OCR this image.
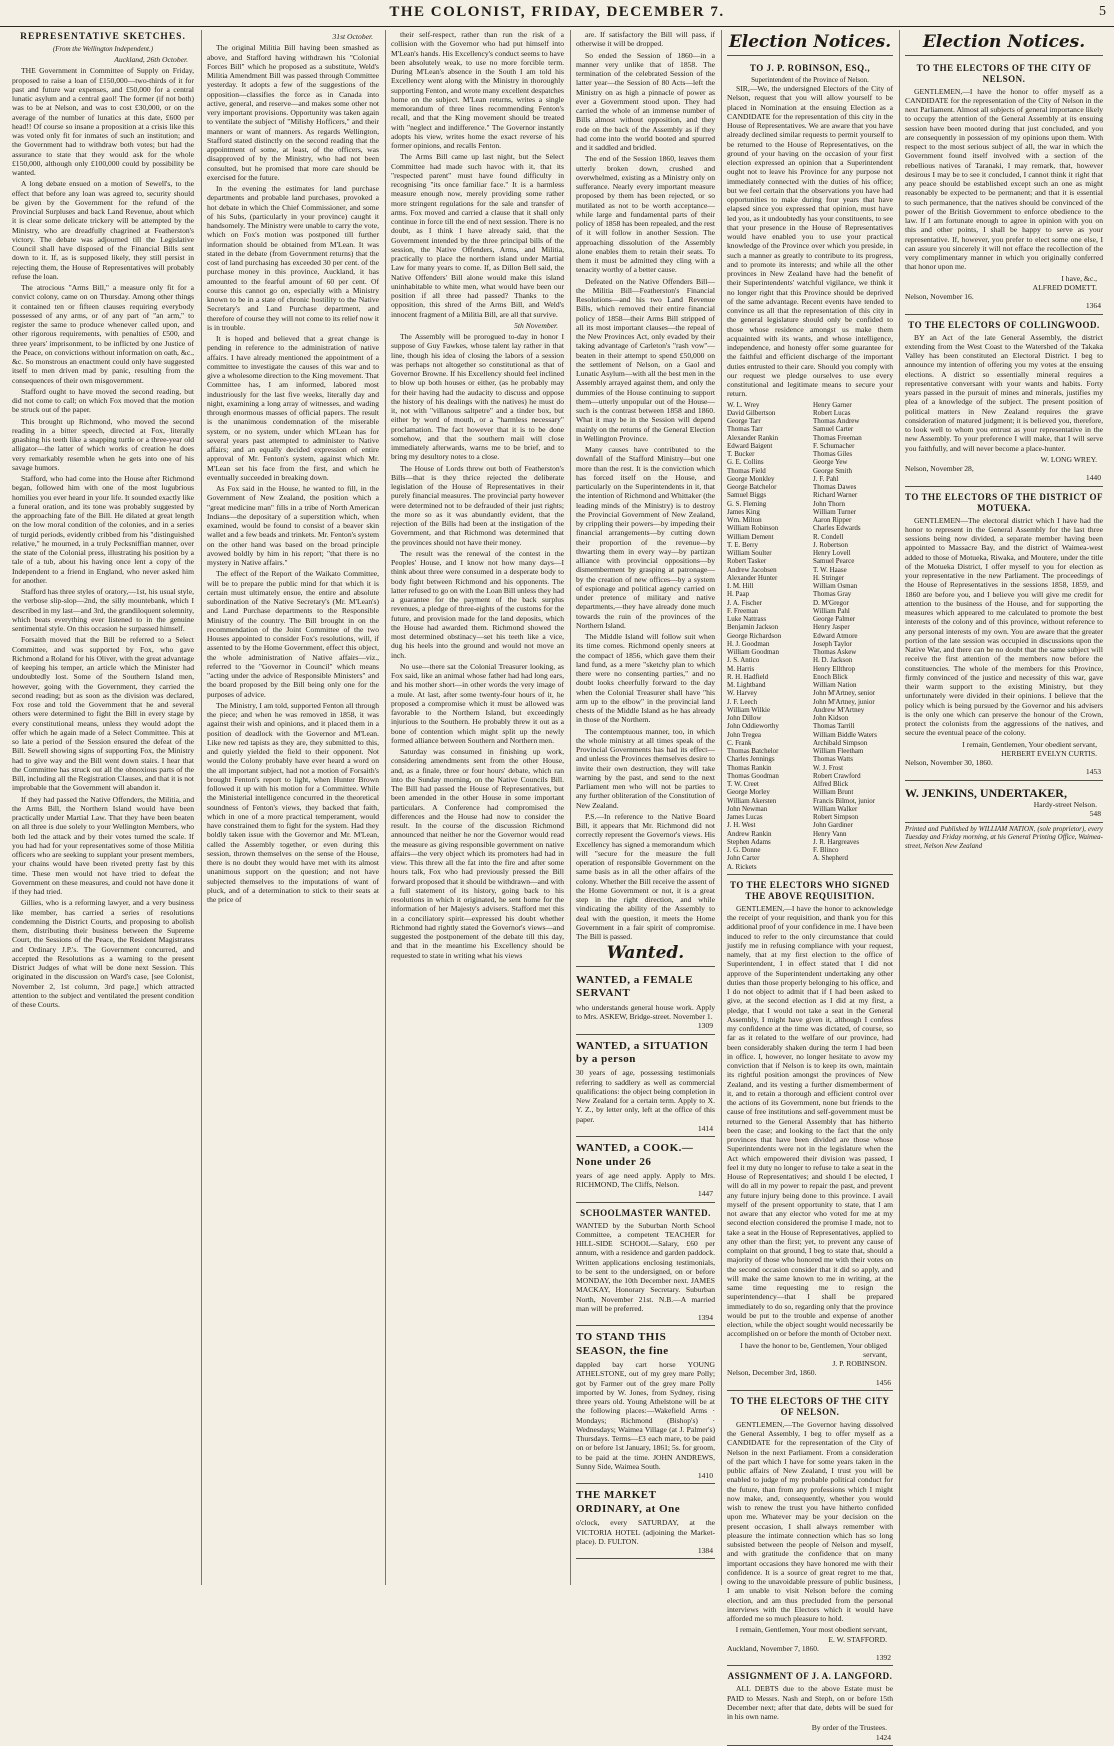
THE COLONIST, FRIDAY, DECEMBER 7.	5
REPRESENTATIVE SKETCHES.
(From the Wellington Independent.)
Auckland, 26th October.

THE Government in Committee of Supply on Friday, proposed to raise a loan of £150,000—two-thirds of it for past and future war expenses, and £50,000 for a central lunatic asylum and a central gaol! The former (if not both) was to be at Nelson, and was to cost £30,000, or on the average of the number of lunatics at this date, £600 per head!! Of course so insane a proposition at a crisis like this was voted only fit for inmates of such an institution; and the Government had to withdraw both votes; but had the assurance to state that they would ask for the whole £150,000, although only £100,000 could by possibility be wanted.

A long debate ensued on a motion of Sewell's, to the effect that before any loan was agreed to, security should be given by the Government for the refund of the Provincial Surpluses and back Land Revenue, about which it is clear some delicate trickery will be attempted by the Ministry, who are dreadfully chagrined at Featherston's victory. The debate was adjourned till the Legislative Council shall have disposed of the Financial Bills sent down to it. If, as is supposed likely, they still persist in rejecting them, the House of Representatives will probably refuse the loan.

The atrocious "Arms Bill," a measure only fit for a convict colony, came on on Thursday. Among other things it contained ten or fifteen clauses requiring everybody possessed of any arms, or of any part of "an arm," to register the same to produce whenever called upon, and other rigorous requirements, with penalties of £500, and three years' imprisonment, to be inflicted by one Justice of the Peace, on convictions without information on oath, &c., &c. So monstrous an enactment could only have suggested itself to men driven mad by panic, resulting from the consequences of their own misgovernment.

Stafford ought to have moved the second reading, but did not come to call; on which Fox moved that the motion be struck out of the paper.

This brought up Richmond, who moved the second reading in a bitter speech, directed at Fox, literally gnashing his teeth like a snapping turtle or a three-year old alligator—the latter of which works of creation he does very remarkably resemble when he gets into one of his savage humors.

Stafford, who had come into the House after Richmond began, followed him with one of the most lugubrious homilies you ever heard in your life. It sounded exactly like a funeral oration, and its tone was probably suggested by the approaching fate of the Bill. He dilated at great length on the low moral condition of the colonies, and in a series of turgid periods, evidently cribbed from his "distinguished relative," he mourned, in a truly Pecksniffian manner, over the state of the Colonial press, illustrating his position by a tale of a tub, about his having once lent a copy of the Independent to a friend in England, who never asked him for another.

Stafford has three styles of oratory,—1st, his usual style, the verbose slip-slop—2nd, the silly mountebank, which I described in my last—and 3rd, the grandiloquent solemnity, which beats everything ever listened to in the genuine sentimental style. On this occasion he surpassed himself.

Forsaith moved that the Bill be referred to a Select Committee, and was supported by Fox, who gave Richmond a Roland for his Oliver, with the great advantage of keeping his temper, an article which the Minister had undoubtedly lost. Some of the Southern Island men, however, going with the Government, they carried the second reading; but as soon as the division was declared, Fox rose and told the Government that he and several others were determined to fight the Bill in every stage by every constitutional means, unless they would adopt the offer which he again made of a Select Committee. This at so late a period of the Session ensured the defeat of the Bill. Sewell showing signs of supporting Fox, the Ministry had to give way and the Bill went down stairs. I hear that the Committee has struck out all the obnoxious parts of the Bill, including all the Registration Clauses, and that it is not improbable that the Government will abandon it.

If they had passed the Native Offenders, the Militia, and the Arms Bill, the Northern Island would have been practically under Martial Law. That they have been beaten on all three is due solely to your Wellington Members, who both led the attack and by their votes turned the scale. If you had had for your representatives some of those Militia officers who are seeking to supplant your present members, your chains would have been riveted pretty fast by this time. These men would not have tried to defeat the Government on these measures, and could not have done it if they had tried.

Gillies, who is a reforming lawyer, and a very business like member, has carried a series of resolutions condemning the District Courts, and proposing to abolish them, distributing their business between the Supreme Court, the Sessions of the Peace, the Resident Magistrates and Ordinary J.P.'s. The Government concurred, and accepted the Resolutions as a warning to the present District Judges of what will be done next Session. This originated in the discussion on Ward's case, [see Colonist, November 2, 1st column, 3rd page,] which attracted attention to the subject and ventilated the present condition of these Courts.

31st October.

The original Militia Bill having been smashed as above, and Stafford having withdrawn his "Colonial Forces Bill" which he proposed as a substitute, Weld's Militia Amendment Bill was passed through Committee yesterday. It adopts a few of the suggestions of the opposition—classifies the force as in Canada into active, general, and reserve—and makes some other not very important provisions. Opportunity was taken again to ventilate the subject of "Milishy Hofficers," and their manners or want of manners. As regards Wellington, Stafford stated distinctly on the second reading that the appointment of some, at least, of the officers, was disapproved of by the Ministry, who had not been consulted, but he promised that more care should be exercised for the future.

In the evening the estimates for land purchase departments and probable land purchases, provoked a hot debate in which the Chief Commissioner, and some of his Subs, (particularly in your province) caught it handsomely. The Ministry were unable to carry the vote, which on Fox's motion was postponed till further information should be obtained from M'Lean. It was stated in the debate (from Government returns) that the cost of land purchasing has exceeded 30 per cent. of the purchase money in this province, Auckland, it has amounted to the fearful amount of 60 per cent. Of course this cannot go on, especially with a Ministry known to be in a state of chronic hostility to the Native Secretary's and Land Purchase department, and therefore of course they will not come to its relief now it is in trouble.

It is hoped and believed that a great change is pending in reference to the administration of native affairs. I have already mentioned the appointment of a committee to investigate the causes of this war and to give a wholesome direction to the King movement. That Committee has, I am informed, labored most industriously for the last five weeks, literally day and night, examining a long array of witnesses, and wading through enormous masses of official papers. The result is the unanimous condemnation of the miserable system, or no system, under which M'Lean has for several years past attempted to administer to Native affairs; and an equally decided expression of entire approval of Mr. Fenton's system, against which Mr. M'Lean set his face from the first, and which he eventually succeeded in breaking down.

As Fox said in the House, he wanted to fill, in the Government of New Zealand, the position which a "great medicine man" fills in a tribe of North American Indians—the depositary of a superstition which, when examined, would be found to consist of a beaver skin wallet and a few beads and trinkets. Mr. Fenton's system on the other hand was based on the broad principle avowed boldly by him in his report; "that there is no mystery in Native affairs."

The effect of the Report of the Waikato Committee, will be to prepare the public mind for that which it is certain must ultimately ensue, the entire and absolute subordination of the Native Secretary's (Mr. M'Lean's) and Land Purchase departments to the Responsible Ministry of the country. The Bill brought in on the recommendation of the Joint Committee of the two Houses appointed to consider Fox's resolutions, will, if assented to by the Home Government, effect this object, the whole administration of Native affairs—viz., referred to the "Governor in Council" which means "acting under the advice of Responsible Ministers" and the board proposed by the Bill being only one for the purposes of advice.

The Ministry, I am told, supported Fenton all through the piece; and when he was removed in 1858, it was against their wish and opinions, and it placed them in a position of deadlock with the Governor and M'Lean. Like new red tapists as they are, they submitted to this, and quietly yielded the field to their opponent. Not would the Colony probably have ever heard a word on the all important subject, had not a motion of Forsaith's brought Fenton's report to light, when Hunter Brown followed it up with his motion for a Committee. While the Ministerial intelligence concurred in the theoretical soundness of Fenton's views, they backed that faith, which in one of a more practical temperament, would have constrained them to fight for the system. Had they boldly taken issue with the Governor and Mr. M'Lean, called the Assembly together, or even during this session, thrown themselves on the sense of the House, there is no doubt they would have met with its almost unanimous support on the question; and not have subjected themselves to the imputations of want of pluck, and of a determination to stick to their seats at the price of

their self-respect, rather than run the risk of a collision with the Governor who had put himself into M'Lean's hands. His Excellency's conduct seems to have been absolutely weak, to use no more forcible term. During M'Lean's absence in the South I am told his Excellency went along with the Ministry in thoroughly supporting Fenton, and wrote many excellent despatches home on the subject. M'Lean returns, writes a single memorandum of three lines recommending Fenton's recall, and that the King movement should be treated with "neglect and indifference." The Governor instantly adopts his view, writes home the exact reverse of his former opinions, and recalls Fenton.

The Arms Bill came up last night, but the Select Committee had made such havoc with it, that its "respected parent" must have found difficulty in recognising "its once familiar face." It is a harmless measure enough now, merely providing some rather more stringent regulations for the sale and transfer of arms. Fox moved and carried a clause that it shall only continue in force till the end of next session. There is no doubt, as I think I have already said, that the Government intended by the three principal bills of the session, the Native Offenders, Arms, and Militia, practically to place the northern island under Martial Law for many years to come. If, as Dillon Bell said, the Native Offenders' Bill alone would make this island uninhabitable to white men, what would have been our position if all three had passed? Thanks to the opposition, this shred of the Arms Bill, and Weld's innocent fragment of a Militia Bill, are all that survive.

5th November.

The Assembly will be prorogued to-day in honor I suppose of Guy Fawkes, whose talent lay rather in that line, though his idea of closing the labors of a session was perhaps not altogether so constitutional as that of Governor Browne. If his Excellency should feel inclined to blow up both houses or either, (as he probably may for their having had the audacity to discuss and oppose the history of his dealings with the natives) he must do it, not with "villanous saltpetre" and a tinder box, but either by word of mouth, or a "harmless necessary" proclamation. The fact however that it is to be done somehow, and that the southern mail will close immediately afterwards, warns me to be brief, and to bring my desultory notes to a close.

The House of Lords threw out both of Featherston's Bills—that is they thrice rejected the deliberate legislation of the House of Representatives in their purely financial measures. The provincial party however were determined not to be defrauded of their just rights; the more so as it was abundantly evident, that the rejection of the Bills had been at the instigation of the Government, and that Richmond was determined that the provinces should not have their money.

The result was the renewal of the contest in the Peoples' House, and I know not how many days—I think about three were consumed in a desperate body to body fight between Richmond and his opponents. The latter refused to go on with the Loan Bill unless they had a guarantee for the payment of the back surplus revenues, a pledge of three-eights of the customs for the future, and provision made for the land deposits, which the House had awarded them. Richmond showed the most determined obstinacy—set his teeth like a vice, dug his heels into the ground and would not move an inch.

No use—there sat the Colonial Treasurer looking, as Fox said, like an animal whose father had had long ears, and his mother short—in other words the very image of a mule. At last, after some twenty-four hours of it, he proposed a compromise which it must be allowed was favorable to the Northern Island, but exceedingly injurious to the Southern. He probably threw it out as a bone of contention which might split up the newly formed alliance between Southern and Northern men.

Saturday was consumed in finishing up work, considering amendments sent from the other House, and, as a finale, three or four hours' debate, which ran into the Sunday morning, on the Native Councils Bill. The Bill had passed the House of Representatives, but been amended in the other House in some important particulars. A Conference had compromised the differences and the House had now to consider the result. In the course of the discussion Richmond announced that neither he nor the Governor would read the measure as giving responsible government on native affairs—the very object which its promoters had had in view. This threw all the fat into the fire and after some hours talk, Fox who had previously pressed the Bill forward proposed that it should be withdrawn—and with a full statement of its history, going back to his resolutions in which it originated, he sent home for the information of her Majesty's advisers. Stafford met this in a conciliatory spirit—expressed his doubt whether Richmond had rightly stated the Governor's views—and suggested the postponement of the debate till this day, and that in the meantime his Excellency should be requested to state in writing what his views

are. If satisfactory the Bill will pass, if otherwise it will be dropped.

So ended the Session of 1860—in a manner very unlike that of 1858. The termination of the celebrated Session of the latter year—the Session of 80 Acts—left the Ministry on as high a pinnacle of power as ever a Government stood upon. They had carried the whole of an immense number of Bills almost without opposition, and they rode on the back of the Assembly as if they had come into the world booted and spurred and it saddled and bridled.

The end of the Session 1860, leaves them utterly broken down, crushed and overwhelmed, existing as a Ministry only on sufferance. Nearly every important measure proposed by them has been rejected, or so mutilated as not to be worth acceptance—while large and fundamental parts of their policy of 1858 has been repealed, and the rest of it will follow in another Session. The approaching dissolution of the Assembly alone enables them to retain their seats. To them it must be admitted they cling with a tenacity worthy of a better cause.

Defeated on the Native Offenders Bill—the Militia Bill—Featherston's Financial Resolutions—and his two Land Revenue Bills, which removed their entire financial policy of 1858—their Arms Bill stripped of all its most important clauses—the repeal of the New Provinces Act, only evaded by their taking advantage of Carleton's "rash vow"—beaten in their attempt to spend £50,000 on the settlement of Nelson, on a Gaol and Lunatic Asylum—with all the best men in the Assembly arrayed against them, and only the dummies of the House continuing to support them—utterly unpopular out of the House—such is the contrast between 1858 and 1860. What it may be in the Session will depend mainly on the returns of the General Election in Wellington Province.

Many causes have contributed to the downfall of the Stafford Ministry—but one more than the rest. It is the conviction which has forced itself on the House, and particularly on the Superintendents in it, that the intention of Richmond and Whittaker (the leading minds of the Ministry) is to destroy the Provincial Government of New Zealand, by crippling their powers—by impeding their financial arrangements—by cutting down their proportion of the revenue—by thwarting them in every way—by partizan alliance with provincial oppositions—by dismemberment by grasping at patronage—by the creation of new offices—by a system of espionage and political agency carried on under pretence of military and native departments,—they have already done much towards the ruin of the provinces of the Northern Island.

The Middle Island will follow suit when its time comes. Richmond openly sneers at the compact of 1856, which gave them their land fund, as a mere "sketchy plan to which there were no consenting parties," and no doubt looks cheerfully forward to the day when the Colonial Treasurer shall have "his arm up to the elbow" in the provincial land chests of the Middle Island as he has already in those of the Northern.

The contemptuous manner, too, in which the whole ministry at all times speak of the Provincial Governments has had its effect—and unless the Provinces themselves desire to invite their own destruction, they will take warning by the past, and send to the next Parliament men who will not be parties to any further obliteration of the Constitution of New Zealand.

P.S.—In reference to the Native Board Bill, it appears that Mr. Richmond did not correctly represent the Governor's views. His Excellency has signed a memorandum which will "secure for the measure the full operation of responsible Government on the same basis as in all the other affairs of the colony. Whether the Bill receive the assent of the Home Government or not, it is a great step in the right direction, and while vindicating the ability of the Assembly to deal with the question, it meets the Home Government in a fair spirit of compromise. The Bill is passed.

Wanted.
WANTED, a FEMALE SERVANT
who understands general house work. Apply to Mrs. ASKEW, Bridge-street. November 1.
1309
WANTED, a SITUATION by a person
30 years of age, possessing testimonials referring to saddlery as well as commercial qualifications: the object being completion in New Zealand for a certain term. Apply to X. Y. Z., by letter only, left at the office of this paper.
1414
WANTED, a COOK.—None under 26
years of age need apply. Apply to Mrs. RICHMOND, The Cliffs, Nelson.
1447
SCHOOLMASTER WANTED.
WANTED by the Suburban North School Committee, a competent TEACHER for HILL-SIDE SCHOOL—Salary, £60 per annum, with a residence and garden paddock. Written applications enclosing testimonials, to be sent to the undersigned, on or before MONDAY, the 10th December next. JAMES MACKAY, Honorary Secretary. Suburban North, November 21st. N.B.—A married man will be preferred.
1394
TO STAND THIS SEASON, the fine
dappled bay cart horse YOUNG ATHELSTONE, out of my grey mare Polly; got by Farmer out of the grey mare Polly imported by W. Jones, from Sydney, rising three years old. Young Athelstone will be at the following places:—Wakefield Arms · Mondays; Richmond (Bishop's) · Wednesdays; Waimea Village (at J. Palmer's) Thursdays. Terms—£3 each mare, to be paid on or before 1st January, 1861; 5s. for groom, to be paid at the time. JOHN ANDREWS, Sunny Side, Waimea South.
1410
THE MARKET ORDINARY, at One
o'clock, every SATURDAY, at the VICTORIA HOTEL (adjoining the Market-place). D. FULTON.
1384
Election Notices.
TO J. P. ROBINSON, ESQ.,
Superintendent of the Province of Nelson.

SIR,—We, the undersigned Electors of the City of Nelson, request that you will allow yourself to be placed in Nomination at the ensuing Election as a CANDIDATE for the representation of this city in the House of Representatives. We are aware that you have already declined similar requests to permit yourself to be returned to the House of Representatives, on the ground of your having on the occasion of your first election expressed an opinion that a Superintendent ought not to leave his Province for any purpose not immediately connected with the duties of his office; but we feel certain that the observations you have had opportunities to make during four years that have elapsed since you expressed that opinion, must have led you, as it undoubtedly has your constituents, to see that your presence in the House of Representatives would have enabled you to use your practical knowledge of the Province over which you preside, in such a manner as greatly to contribute to its progress, and to promote its interests; and while all the other provinces in New Zealand have had the benefit of their Superintendents' watchful vigilance, we think it no longer right that this Province should be deprived of the same advantage. Recent events have tended to convince us all that the representation of this city in the general legislature should only be confided to those whose residence amongst us make them acquainted with its wants, and whose intelligence, independence, and honesty offer some guarantee for the faithful and efficient discharge of the important duties entrusted to their care. Should you comply with our request we pledge ourselves to use every constitutional and legitimate means to secure your return.

W. L. Wrey
David Gilbertson
George Tarr
Thomas Tarr
Alexander Rankin
Edward Baigent
T. Bucker
G. E. Collins
Thomas Field
George Monkley
George Batchelor
Samuel Biggs
G. S. Fleming
James King
Wm. Milton
William Robinson
William Dement
T. E. Berry
William Soulter
Robert Tasker
Andrew Jacobsen
Alexander Hunter
I. M. Hill
H. Paap
J. A. Fischer
F. Freeman
Luke Nattrass
Benjamin Jackson
George Richardson
H. J. Goodman
William Goodman
J. S. Antico
M. Harris
R. H. Hadfield
M. Lightband
W. Harvey
J. F. Leech
William Wilkie
John Dillow
John Oddieworthy
John Tregea
C. Frank
Thomas Batchelor
Charles Jennings
Thomas Rankin
Thomas Goodman
T. W. Creet
George Morley
William Akersten
John Newman
James Lucas
J. H. West
Andrew Rankin
Stephen Adams
J. G. Donne
John Carter
A. Rickets
Henry Garner
Robert Lucas
Thomas Andrew
Samuel Carter
Thomas Freeman
F. Schumacher
Thomas Giles
George Yew
George Smith
J. F. Pahl
Thomas Dawes
Richard Warner
John Thorn
William Turner
Aaron Ripper
Charles Edwards
R. Condell
J. Robertson
Henry Lovell
Samuel Pearce
T. W. Haase
H. Stringer
William Osman
Thomas Gray
D. M'Gregor
William Pahl
George Palmer
Henry Jasper
Edward Atmore
Joseph Taylor
Thomas Askew
H. D. Jackson
Henry Ellthrop
Enoch Blick
William Nation
John M'Artney, senior
John M'Artney, junior
Andrew M'Artney
John Kidson
Thomas Tarrill
William Biddle Waters
Archibald Simpson
William Fleetham
Thomas Watts
W. J. Frost
Robert Crawford
Alfred Blick
William Brunt
Francis Bilmot, junior
William Walker
Robert Simpson
John Gardiner
Henry Vann
J. R. Hargreaves
F. Blinco
A. Shepherd
TO THE ELECTORS WHO SIGNED THE ABOVE REQUISITION.

GENTLEMEN,—I have the honor to acknowledge the receipt of your requisition, and thank you for this additional proof of your confidence in me. I have been induced to refer to the only circumstance that could justify me in refusing compliance with your request, namely, that at my first election to the office of Superintendent, I in effect stated that I did not approve of the Superintendent undertaking any other duties than those properly belonging to his office, and I do not object to admit that if I had been asked to give, at the second election as I did at my first, a pledge, that I would not take a seat in the General Assembly, I might have given it, although I confess my confidence at the time was dictated, of course, so far as it related to the welfare of our province, had been considerably shaken during the term I had been in office. I, however, no longer hesitate to avow my conviction that if Nelson is to keep its own, maintain its rightful position amongst the provinces of New Zealand, and its vesting a further dismemberment of it, and to retain a thorough and efficient control over the actions of its Government, none but friends to the cause of free institutions and self-government must be returned to the General Assembly that has hitherto been the case; and looking to the fact that the only provinces that have been divided are those whose Superintendents were not in the legislature when the Act which empowered their division was passed, I feel it my duty no longer to refuse to take a seat in the House of Representatives; and should I be elected, I will do all in my power to repair the past, and prevent any future injury being done to this province. I avail myself of the present opportunity to state, that I am not aware that any elector who voted for me at my second election considered the promise I made, not to take a seat in the House of Representatives, applied to any other than the first; yet, to prevent any cause of complaint on that ground, I beg to state that, should a majority of those who honored me with their votes on the second occasion consider that it did so apply, and will make the same known to me in writing, at the same time requesting me to resign the superintendency—that I shall be prepared immediately to do so, regarding only that the province would be put to the trouble and expense of another election, while the object sought would necessarily be accomplished on or before the month of October next.

I have the honor to be, Gentlemen, Your obliged servant,
J. P. ROBINSON.
Nelson, December 3rd, 1860.
1456
TO THE ELECTORS OF THE CITY OF NELSON.

GENTLEMEN,—The Governor having dissolved the General Assembly, I beg to offer myself as a CANDIDATE for the representation of the City of Nelson in the next Parliament. From a consideration of the part which I have for some years taken in the public affairs of New Zealand, I trust you will be enabled to judge of my probable political conduct for the future, than from any professions which I might now make, and, consequently, whether you would wish to renew the trust you have hitherto confided upon me. Whatever may be your decision on the present occasion, I shall always remember with pleasure the intimate connection which has so long subsisted between the people of Nelson and myself, and with gratitude the confidence that on many important occasions they have honored me with their confidence. It is a source of great regret to me that, owing to the unavoidable pressure of public business, I am unable to visit Nelson before the coming election, and am thus precluded from the personal interviews with the Electors which it would have afforded me so much pleasure to hold.

I remain, Gentlemen, Your most obedient servant,
E. W. STAFFORD.
Auckland, November 7, 1860.
1392
ASSIGNMENT OF J. A. LANGFORD.

ALL DEBTS due to the above Estate must be PAID to Messrs. Nash and Steph, on or before 15th December next; after that date, debts will be sued for in his own name.

By order of the Trustees.
1424
Election Notices.
TO THE ELECTORS OF THE CITY OF NELSON.

GENTLEMEN,—I have the honor to offer myself as a CANDIDATE for the representation of the City of Nelson in the next Parliament. Almost all subjects of general importance likely to occupy the attention of the General Assembly at its ensuing session have been mooted during that just concluded, and you are consequently in possession of my opinions upon them. With respect to the most serious subject of all, the war in which the Government found itself involved with a section of the rebellious natives of Taranaki, I may remark, that, however desirous I may be to see it concluded, I cannot think it right that any peace should be established except such an one as might reasonably be expected to be permanent; and that it is essential to such permanence, that the natives should be convinced of the power of the British Government to enforce obedience to the law. If I am fortunate enough to agree in opinion with you on this and other points, I shall be happy to serve as your representative. If, however, you prefer to elect some one else, I can assure you sincerely it will not efface the recollection of the very complimentary manner in which you originally conferred that honor upon me.

I have, &c.,
ALFRED DOMETT.
Nelson, November 16.
1364
TO THE ELECTORS OF COLLINGWOOD.

BY an Act of the late General Assembly, the district extending from the West Coast to the Watershed of the Takaka Valley has been constituted an Electoral District. I beg to announce my intention of offering you my votes at the ensuing elections. A district so essentially mineral requires a representative conversant with your wants and habits. Forty years passed in the pursuit of mines and minerals, justifies my plea of a knowledge of the subject. The present position of political matters in New Zealand requires the grave consideration of matured judgment; it is believed you, therefore, to look well to whom you entrust as your representative in the new Assembly. To your preference I will make, that I will serve you faithfully, and will never become a place-hunter.

W. LONG WREY.
Nelson, November 28,
1440
TO THE ELECTORS OF THE DISTRICT OF MOTUEKA.

GENTLEMEN—The electoral district which I have had the honor to represent in the General Assembly for the last three sessions being now divided, a separate member having been appointed to Massacre Bay, and the district of Waimea-west added to those of Motueka, Riwaka, and Moutere, under the title of the Motueka District, I offer myself to you for election as your representative in the new Parliament. The proceedings of the House of Representatives in the sessions 1858, 1859, and 1860 are before you, and I believe you will give me credit for attention to the business of the House, and for supporting the measures which appeared to me calculated to promote the best interests of the colony and of this province, without reference to any personal interests of my own. You are aware that the greater portion of the late session was occupied in discussions upon the Native War, and there can be no doubt that the same subject will receive the first attention of the members now before the constituencies. The whole of the members for this Province, firmly convinced of the justice and necessity of this war, gave their warm support to the existing Ministry, but they unfortunately were divided in their opinions. I believe that the policy which is being pursued by the Governor and his advisers is the only one which can preserve the honour of the Crown, protect the colonists from the aggressions of the natives, and secure the eventual peace of the colony.

I remain, Gentlemen, Your obedient servant,
HERBERT EVELYN CURTIS.
Nelson, November 30, 1860.
1453
W. JENKINS, UNDERTAKER,
Hardy-street Nelson.
548
Printed and Published by WILLIAM NATION, (sole proprietor), every Tuesday and Friday morning, at his General Printing Office, Waimea-street, Nelson New Zealand
